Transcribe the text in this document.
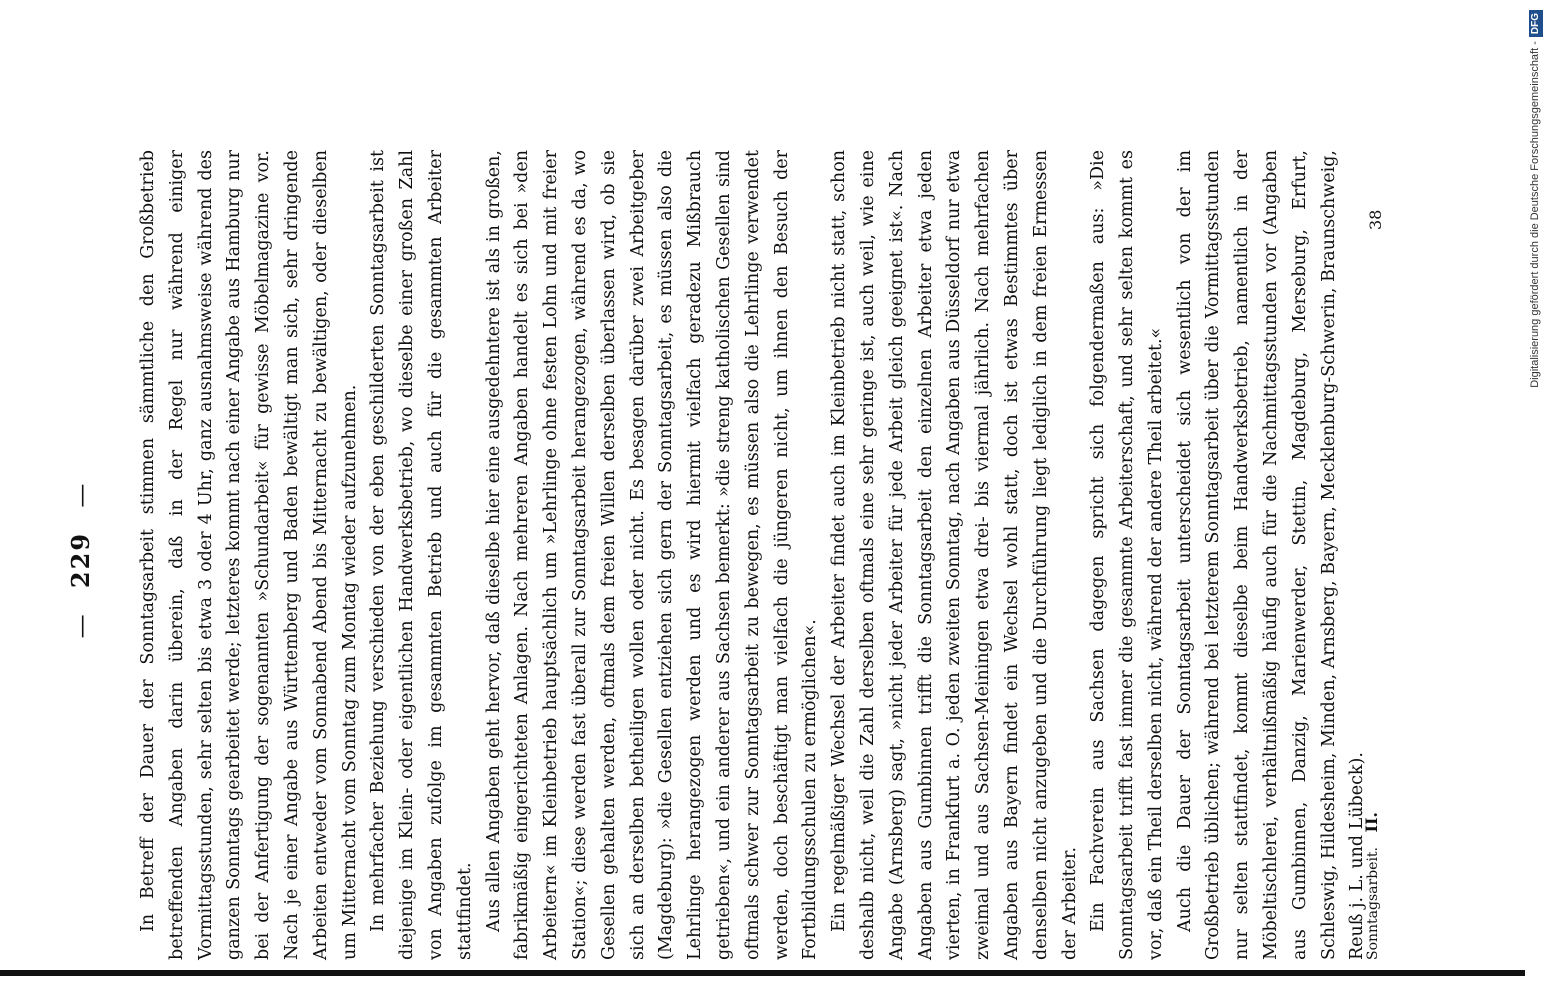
— 229 —	In Betreff der Dauer der Sonntagsarbeit stimmen sämmtliche den Großbetrieb betreffenden Angaben darin überein, daß in der Regel nur während einiger Vormittagsstunden, sehr selten bis etwa 3 oder 4 Uhr, ganz ausnahmsweise während des ganzen Sonntags gearbeitet werde; letzteres kommt nach einer Angabe aus Hamburg nur bei der Anfertigung der sogenannten »Schundarbeit« für gewisse Möbelmagazine vor. Nach je einer Angabe aus Württemberg und Baden bewältigt man sich, sehr dringende Arbeiten entweder vom Sonnabend Abend bis Mitternacht zu bewältigen, oder dieselben um Mitternacht vom Sonntag zum Montag wieder aufzunehmen. In mehrfacher Beziehung verschieden von der eben geschilderten Sonntagsarbeit ist diejenige im Klein- oder eigentlichen Handwerksbetrieb, wo dieselbe einer großen Zahl von Angaben zufolge im gesammten Betrieb und auch für die gesammten Arbeiter stattfindet. Aus allen Angaben geht hervor, daß dieselbe hier eine ausgedehntere ist als in großen, fabrikmäßig eingerichteten Anlagen. Nach mehreren Angaben handelt es sich bei »den Arbeitern« im Kleinbetrieb hauptsächlich um »Lehrlinge ohne festen Lohn und mit freier Station«; diese werden fast überall zur Sonntagsarbeit herangezogen, während es da, wo Gesellen gehalten werden, oftmals dem freien Willen derselben überlassen wird, ob sie sich an derselben betheiligen wollen oder nicht. Es besagen darüber zwei Arbeitgeber (Magdeburg): »die Gesellen entziehen sich gern der Sonntagsarbeit, es müssen also die Lehrlinge herangezogen werden und es wird hiermit vielfach geradezu Mißbrauch getrieben«, und ein anderer aus Sachsen bemerkt: »die streng katholischen Gesellen sind oftmals schwer zur Sonntagsarbeit zu bewegen, es müssen also die Lehrlinge verwendet werden, doch beschäftigt man vielfach die jüngeren nicht, um ihnen den Besuch der Fortbildungsschulen zu ermöglichen«. Ein regelmäßiger Wechsel der Arbeiter findet auch im Kleinbetrieb nicht statt, schon deshalb nicht, weil die Zahl derselben oftmals eine sehr geringe ist, auch weil, wie eine Angabe (Arnsberg) sagt, »nicht jeder Arbeiter für jede Arbeit gleich geeignet ist«. Nach Angaben aus Gumbinnen trifft die Sonntagsarbeit den einzelnen Arbeiter etwa jeden vierten, in Frankfurt a. O. jeden zweiten Sonntag, nach Angaben aus Düsseldorf nur etwa zweimal und aus Sachsen-Meiningen etwa drei- bis viermal jährlich. Nach mehrfachen Angaben aus Bayern findet ein Wechsel wohl statt, doch ist etwas Bestimmtes über denselben nicht anzugeben und die Durchführung liegt lediglich in dem freien Ermessen der Arbeiter. Ein Fachverein aus Sachsen dagegen spricht sich folgendermaßen aus: »Die Sonntagsarbeit trifft fast immer die gesammte Arbeiterschaft, und sehr selten kommt es vor, daß ein Theil derselben nicht, während der andere Theil arbeitet.« Auch die Dauer der Sonntagsarbeit unterscheidet sich wesentlich von der im Großbetrieb üblichen; während bei letzterem Sonntagsarbeit über die Vormittagsstunden nur selten stattfindet, kommt dieselbe beim Handwerksbetrieb, namentlich in der Möbeltischlerei, verhältnißmäßig häufig auch für die Nachmittagsstunden vor (Angaben aus Gumbinnen, Danzig, Marienwerder, Stettin, Magdeburg, Merseburg, Erfurt, Schleswig, Hildesheim, Minden, Arnsberg, Bayern, Mecklenburg-Schwerin, Braunschweig, Reuß j. L. und Lübeck).

Sonntagsarbeit. II.
38	Digitalisierung gefördert durch die Deutsche Forschungsgemeinschaft -DFG
